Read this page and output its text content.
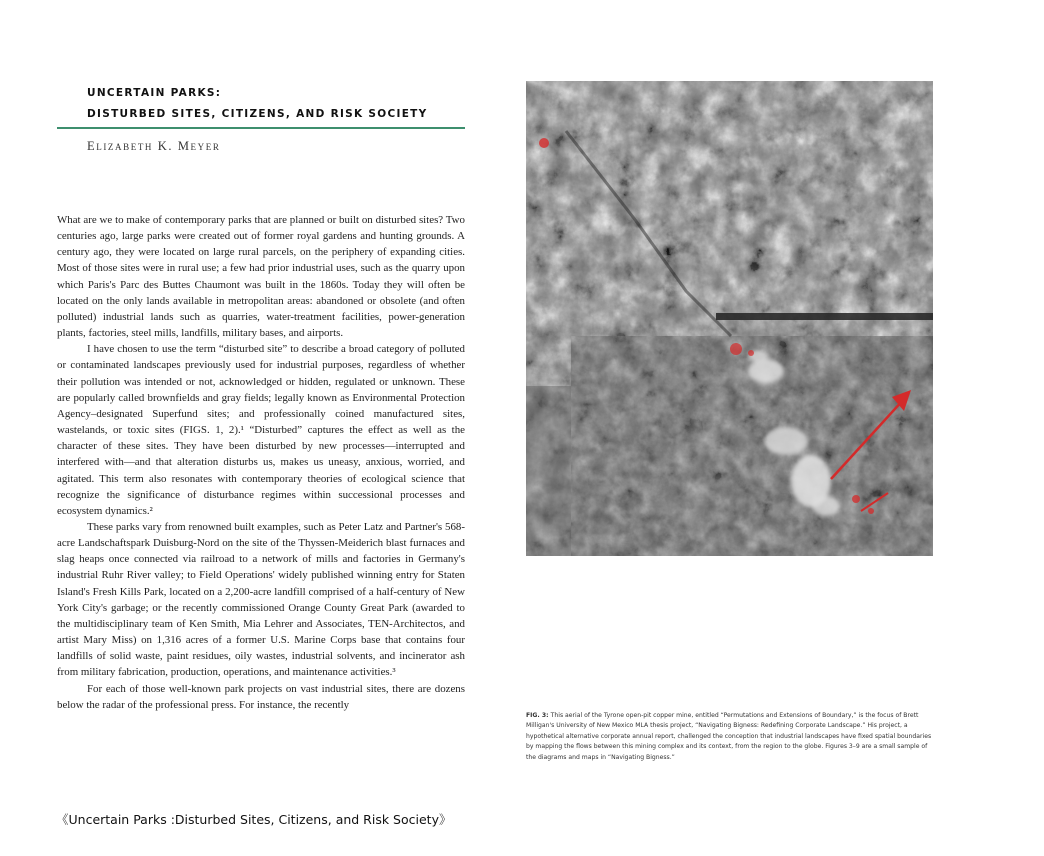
UNCERTAIN PARKS:
DISTURBED SITES, CITIZENS, AND RISK SOCIETY
Elizabeth K. Meyer

What are we to make of contemporary parks that are planned or built on disturbed sites? Two centuries ago, large parks were created out of former royal gardens and hunting grounds. A century ago, they were located on large rural parcels, on the periphery of expanding cities. Most of those sites were in rural use; a few had prior industrial uses, such as the quarry upon which Paris's Parc des Buttes Chaumont was built in the 1860s. Today they will often be located on the only lands available in metropolitan areas: abandoned or obsolete (and often polluted) industrial lands such as quarries, water-treatment facilities, power-generation plants, factories, steel mills, landfills, military bases, and airports.

I have chosen to use the term “disturbed site” to describe a broad category of polluted or contaminated landscapes previously used for industrial purposes, regardless of whether their pollution was intended or not, acknowledged or hidden, regulated or unknown. These are popularly called brownfields and gray fields; legally known as Environmental Protection Agency–designated Superfund sites; and professionally coined manufactured sites, wastelands, or toxic sites (FIGS. 1, 2).¹ “Disturbed” captures the effect as well as the character of these sites. They have been disturbed by new processes—interrupted and interfered with—and that alteration disturbs us, makes us uneasy, anxious, worried, and agitated. This term also resonates with contemporary theories of ecological science that recognize the significance of disturbance regimes within successional processes and ecosystem dynamics.²

These parks vary from renowned built examples, such as Peter Latz and Partner's 568-acre Landschaftspark Duisburg-Nord on the site of the Thyssen-Meiderich blast furnaces and slag heaps once connected via railroad to a network of mills and factories in Germany's industrial Ruhr River valley; to Field Operations' widely published winning entry for Staten Island's Fresh Kills Park, located on a 2,200-acre landfill comprised of a half-century of New York City's garbage; or the recently commissioned Orange County Great Park (awarded to the multidisciplinary team of Ken Smith, Mia Lehrer and Associates, TEN-Architectos, and artist Mary Miss) on 1,316 acres of a former U.S. Marine Corps base that contains four landfills of solid waste, paint residues, oily wastes, industrial solvents, and incinerator ash from military fabrication, production, operations, and maintenance activities.³

For each of those well-known park projects on vast industrial sites, there are dozens below the radar of the professional press. For instance, the recently

FIG. 3: This aerial of the Tyrone open-pit copper mine, entitled “Permutations and Extensions of Boundary,” is the focus of Brett Milligan's University of New Mexico MLA thesis project, “Navigating Bigness: Redefining Corporate Landscape.” His project, a hypothetical alternative corporate annual report, challenged the conception that industrial landscapes have fixed spatial boundaries by mapping the flows between this mining complex and its context, from the region to the globe. Figures 3–9 are a small sample of the diagrams and maps in “Navigating Bigness.”
《Uncertain Parks :Disturbed Sites, Citizens, and Risk Society》
